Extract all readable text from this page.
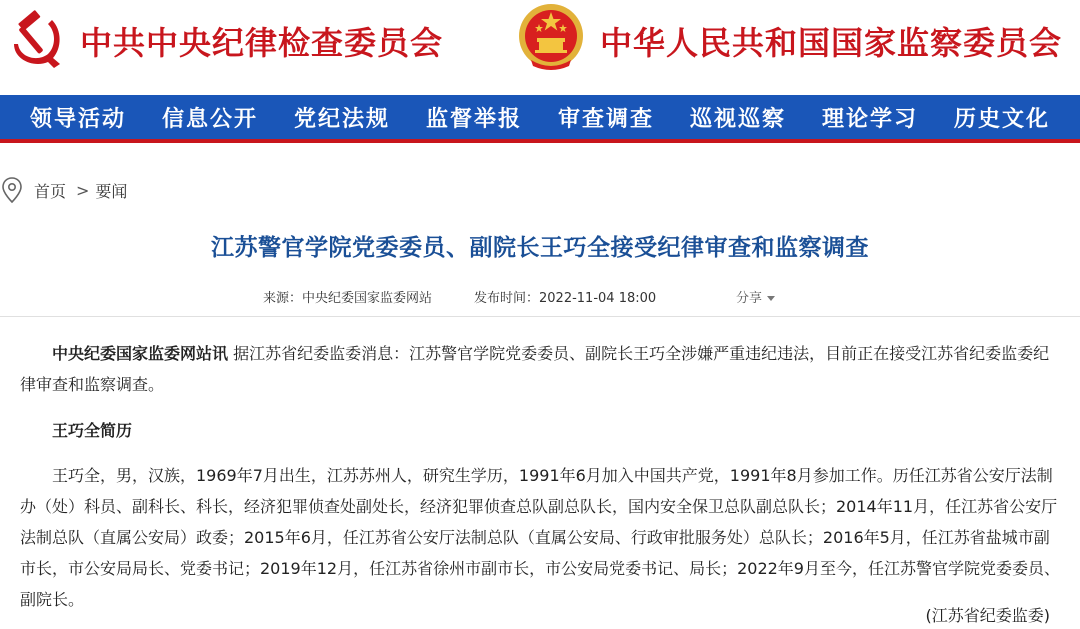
中共中央纪律检查委员会	中华人民共和国国家监察委员会
领导活动 信息公开 党纪法规 监督举报 审查调查 巡视巡察 理论学习 历史文化
首页 > 要闻
江苏警官学院党委委员、副院长王巧全接受纪律审查和监察调查
来源：中央纪委国家监委网站	发布时间：2022-11-04 18:00	分享

中央纪委国家监委网站讯 据江苏省纪委监委消息：江苏警官学院党委委员、副院长王巧全涉嫌严重违纪违法，目前正在接受江苏省纪委监委纪律审查和监察调查。

王巧全简历

王巧全，男，汉族，1969年7月出生，江苏苏州人，研究生学历，1991年6月加入中国共产党，1991年8月参加工作。历任江苏省公安厅法制办（处）科员、副科长、科长，经济犯罪侦查处副处长，经济犯罪侦查总队副总队长，国内安全保卫总队副总队长；2014年11月，任江苏省公安厅法制总队（直属公安局）政委；2015年6月，任江苏省公安厅法制总队（直属公安局、行政审批服务处）总队长；2016年5月，任江苏省盐城市副市长，市公安局局长、党委书记；2019年12月，任江苏省徐州市副市长，市公安局党委书记、局长；2022年9月至今，任江苏警官学院党委委员、副院长。

(江苏省纪委监委)
